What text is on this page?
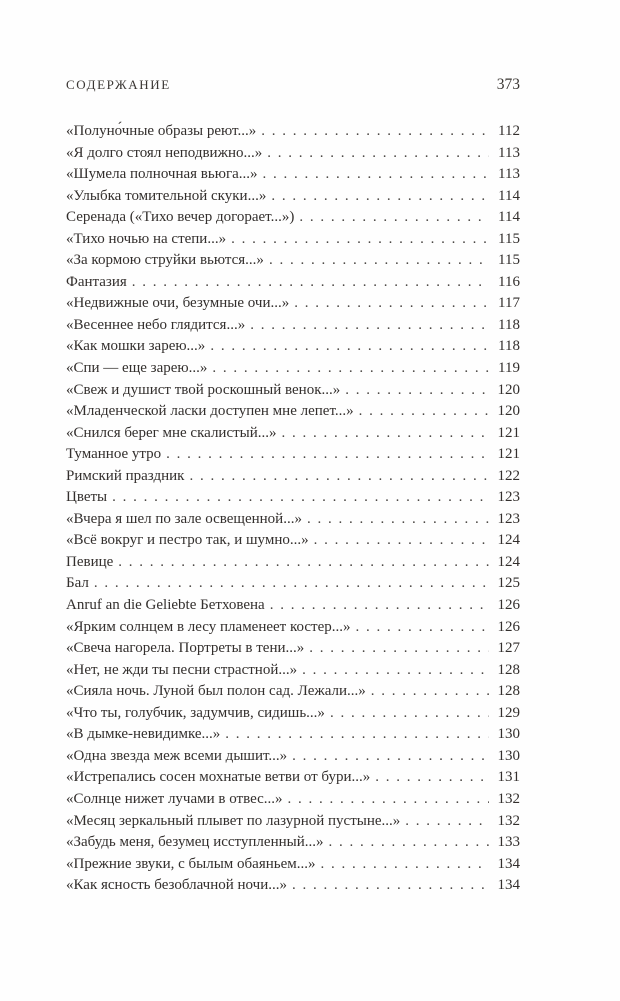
СОДЕРЖАНИЕ	373
«Полуно́чные образы реют...» . . .	112
«Я долго стоял неподвижно...» . . .	113
«Шумела полночная вьюга...» . . .	113
«Улыбка томительной скуки...» . . .	114
Серенада («Тихо вечер догорает...») . . .	114
«Тихо ночью на степи...» . . .	115
«За кормою струйки вьются...» . . .	115
Фантазия . . .	116
«Недвижные очи, безумные очи...» . . .	117
«Весеннее небо глядится...» . . .	118
«Как мошки зарею...» . . .	118
«Спи — еще зарею...» . . .	119
«Свеж и душист твой роскошный венок...» . . .	120
«Младенческой ласки доступен мне лепет...» . . .	120
«Снился берег мне скалистый...» . . .	121
Туманное утро . . .	121
Римский праздник . . .	122
Цветы . . .	123
«Вчера я шел по зале освещенной...» . . .	123
«Всё вокруг и пестро так, и шумно...» . . .	124
Певице . . .	124
Бал . . .	125
Anruf an die Geliebte Бетховена . . .	126
«Ярким солнцем в лесу пламенеет костер...» . . .	126
«Свеча нагорела. Портреты в тени...» . . .	127
«Нет, не жди ты песни страстной...» . . .	128
«Сияла ночь. Луной был полон сад. Лежали...» . . .	128
«Что ты, голубчик, задумчив, сидишь...» . . .	129
«В дымке-невидимке...» . . .	130
«Одна звезда меж всеми дышит...» . . .	130
«Истрепались сосен мохнатые ветви от бури...» . . .	131
«Солнце нижет лучами в отвес...» . . .	132
«Месяц зеркальный плывет по лазурной пустыне...» . . .	132
«Забудь меня, безумец исступленный...» . . .	133
«Прежние звуки, с былым обаяньем...» . . .	134
«Как ясность безоблачной ночи...» . . .	134
